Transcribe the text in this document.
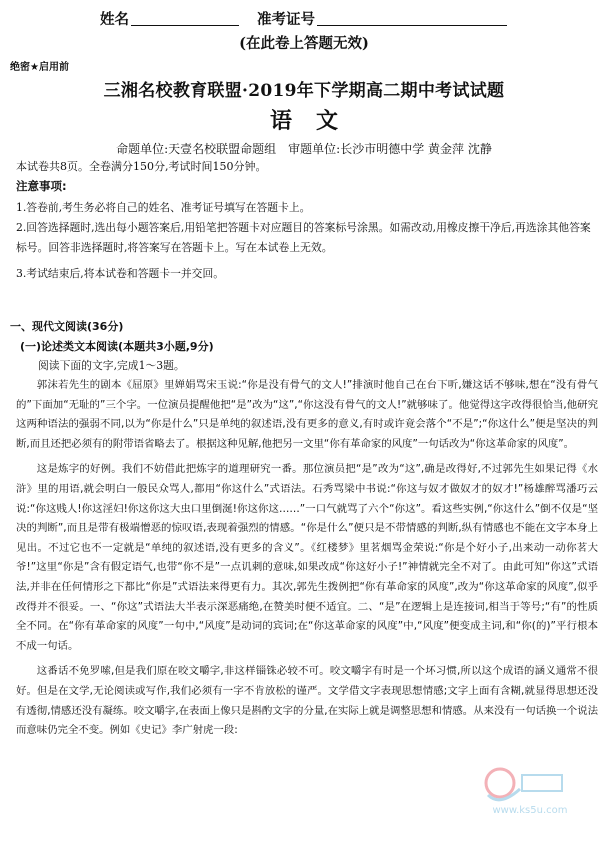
姓名	准考证号
(在此卷上答题无效)
绝密★启用前
三湘名校教育联盟·2019年下学期高二期中考试试题
语文
命题单位:天壹名校联盟命题组　审题单位:长沙市明德中学 黄金萍 沈静
本试卷共8页。全卷满分150分,考试时间150分钟。
注意事项:

1.答卷前,考生务必将自己的姓名、准考证号填写在答题卡上。

2.回答选择题时,选出每小题答案后,用铅笔把答题卡对应题目的答案标号涂黑。如需改动,用橡皮擦干净后,再选涂其他答案标号。回答非选择题时,将答案写在答题卡上。写在本试卷上无效。

3.考试结束后,将本试卷和答题卡一并交回。

一、现代文阅读(36分)
(一)论述类文本阅读(本题共3小题,9分)
阅读下面的文字,完成1～3题。

郭沫若先生的剧本《屈原》里婵娟骂宋玉说:“你是没有骨气的文人!”排演时他自己在台下听,嫌这话不够味,想在“没有骨气的”下面加“无耻的”三个字。一位演员提醒他把“是”改为“这”,“你这没有骨气的文人!”就够味了。他觉得这字改得很恰当,他研究这两种语法的强弱不同,以为“你是什么”只是单纯的叙述语,没有更多的意义,有时或许竟会落个“不是”;“你这什么”便是坚决的判断,而且还把必须有的附带语省略去了。根据这种见解,他把另一文里“你有革命家的风度”一句话改为“你这革命家的风度”。

这是炼字的好例。我们不妨借此把炼字的道理研究一番。那位演员把“是”改为“这”,确是改得好,不过郭先生如果记得《水浒》里的用语,就会明白一般民众骂人,都用“你这什么”式语法。石秀骂梁中书说:“你这与奴才做奴才的奴才!”杨雄醉骂潘巧云说:“你这贱人!你这淫妇!你这你这大虫口里倒涎!你这你这……”一口气就骂了六个“你这”。看这些实例,“你这什么”倒不仅是“坚决的判断”,而且是带有极端憎恶的惊叹语,表现着强烈的情感。“你是什么”便只是不带情感的判断,纵有情感也不能在文字本身上见出。不过它也不一定就是“单纯的叙述语,没有更多的含义”。《红楼梦》里茗烟骂金荣说:“你是个好小子,出来动一动你茗大爷!”这里“你是”含有假定语气,也带“你不是”一点讥刺的意味,如果改成“你这好小子!”神情就完全不对了。由此可知“你这”式语法,并非在任何情形之下都比“你是”式语法来得更有力。其次,郭先生拨例把“你有革命家的风度”,改为“你这革命家的风度”,似乎改得并不很妥。一、“你这”式语法大半表示深恶痛绝,在赞美时便不适宜。二、“是”在逻辑上是连接词,相当于等号;“有”的性质全不同。在“你有革命家的风度”一句中,“风度”是动词的宾词;在“你这革命家的风度”中,“风度”便变成主词,和“你(的)”平行根本不成一句话。

这番话不免罗嗦,但是我们原在咬文嚼字,非这样锱铢必较不可。咬文嚼字有时是一个坏习惯,所以这个成语的涵义通常不很好。但是在文学,无论阅读或写作,我们必须有一字不肯放松的谨严。文学借文字表现思想情感;文字上面有含糊,就显得思想还没有透彻,情感还没有凝练。咬文嚼字,在表面上像只是斟酌文字的分量,在实际上就是调整思想和情感。从来没有一句话换一个说法而意味仍完全不变。例如《史记》李广射虎一段:

www.ks5u.com
